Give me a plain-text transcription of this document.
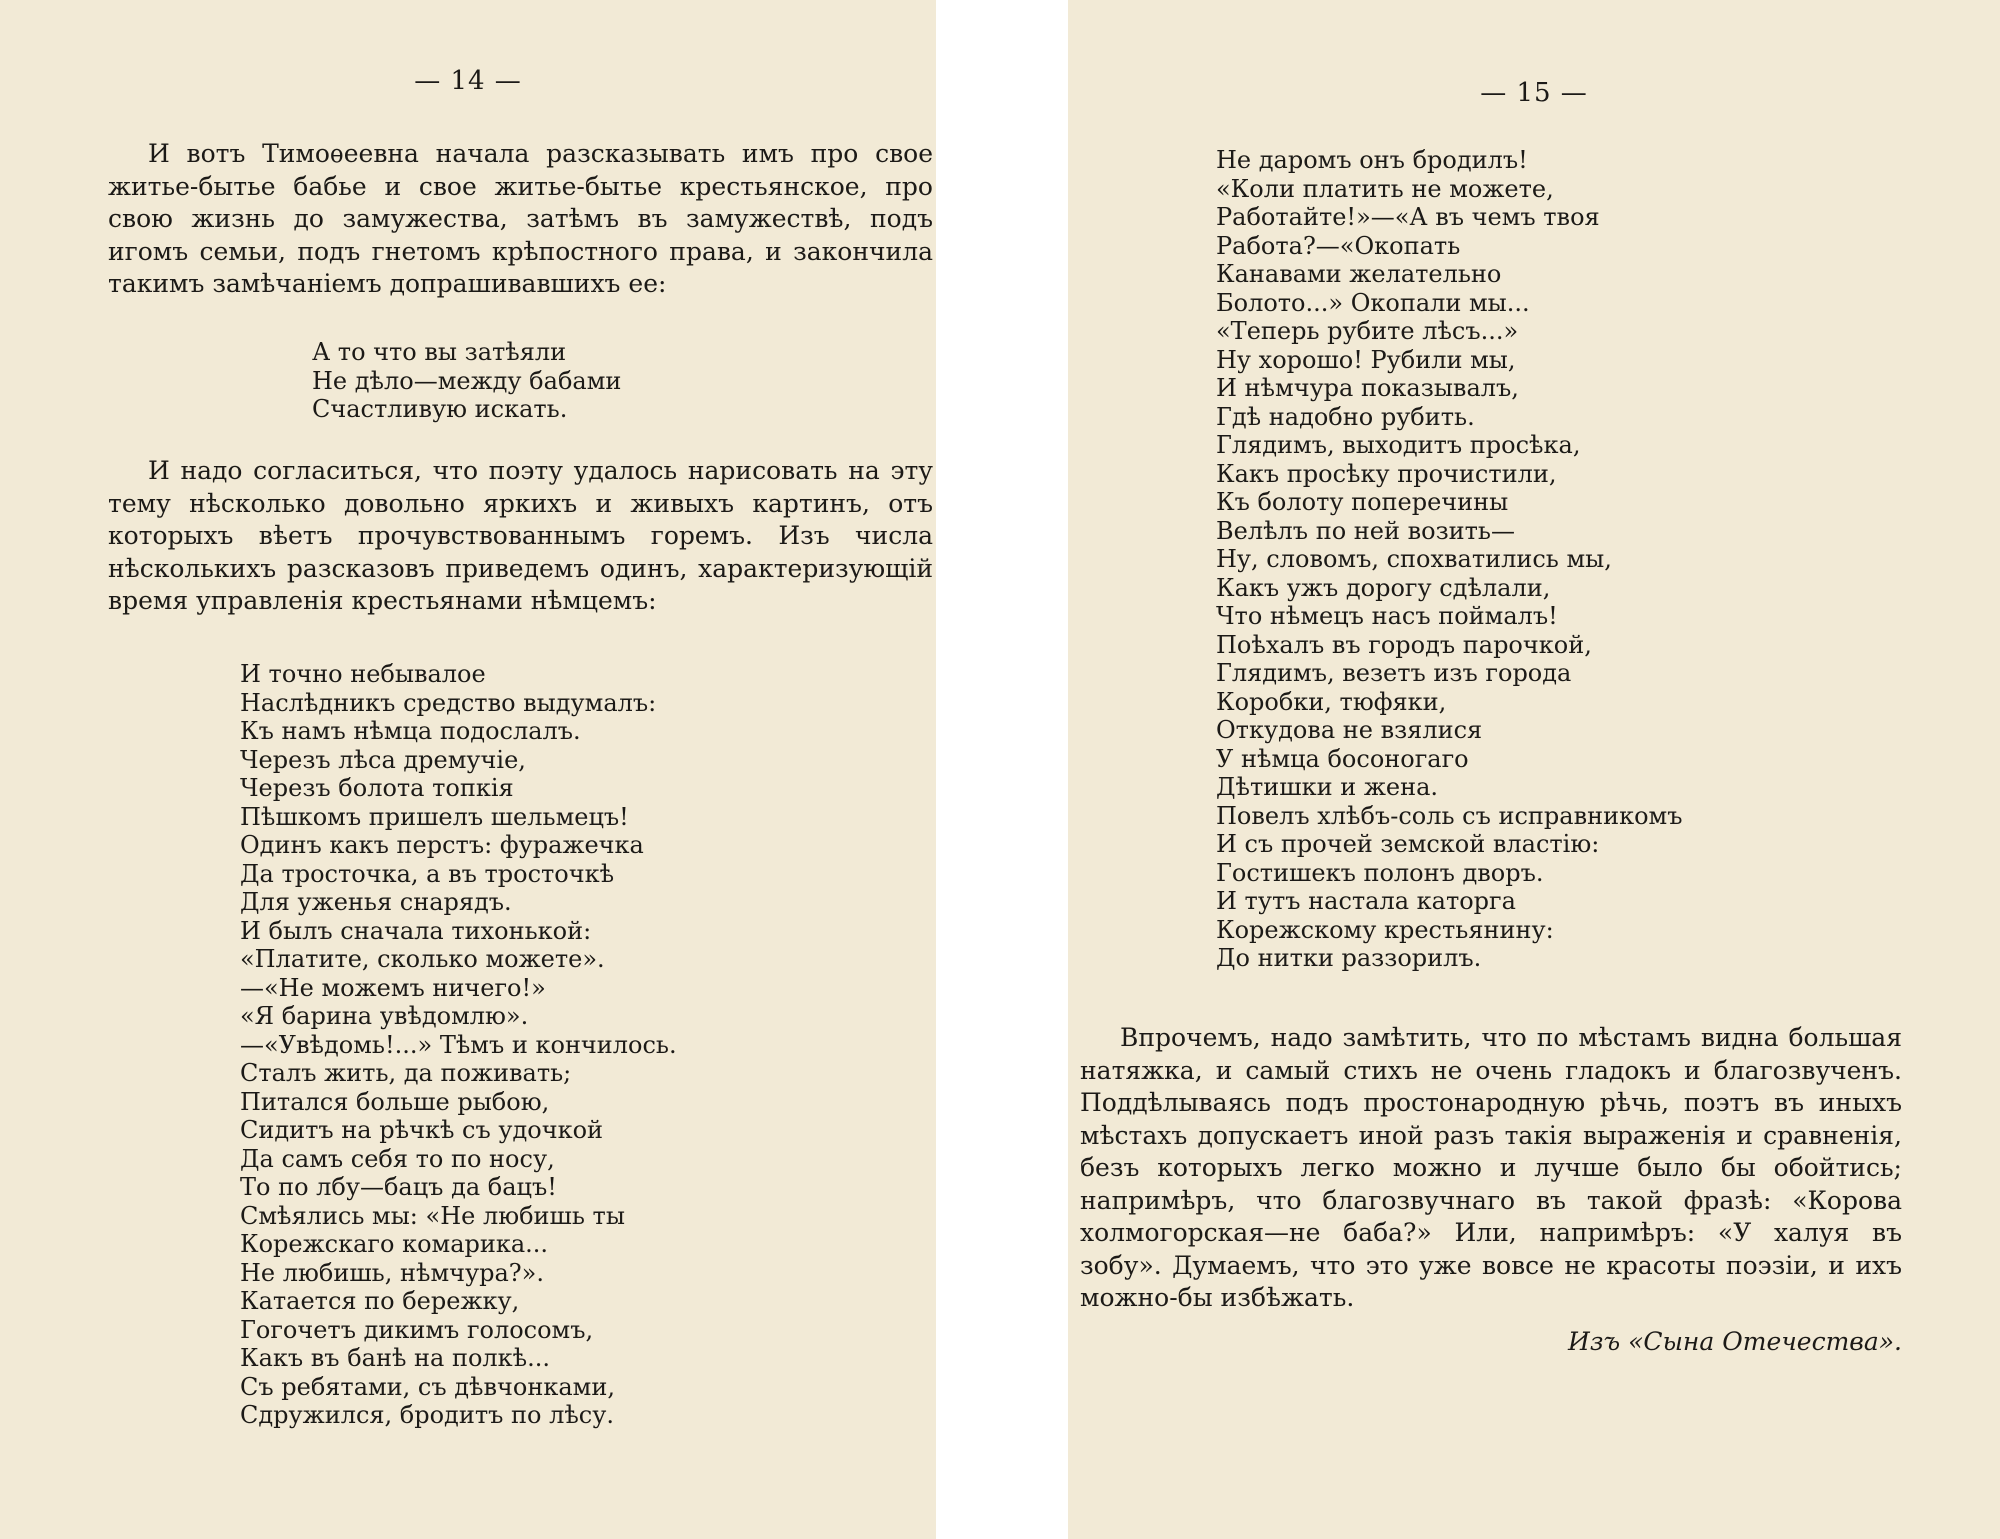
— 14 —

И вотъ Тимоѳеевна начала разсказывать имъ про свое житье-бытье бабье и свое житье-бытье крестьянское, про свою жизнь до замужества, затѣмъ въ замужествѣ, подъ игомъ семьи, подъ гнетомъ крѣпостного права, и закончила такимъ замѣчаніемъ допрашивавшихъ ее:

А то что вы затѣяли
Не дѣло—между бабами
Счастливую искать.

И надо согласиться, что поэту удалось нарисовать на эту тему нѣсколько довольно яркихъ и живыхъ картинъ, отъ которыхъ вѣетъ прочувствованнымъ горемъ. Изъ числа нѣсколькихъ разсказовъ приведемъ одинъ, характеризующій время управленія крестьянами нѣмцемъ:

И точно небывалое
Наслѣдникъ средство выдумалъ:
Къ намъ нѣмца подослалъ.
Черезъ лѣса дремучіе,
Черезъ болота топкія
Пѣшкомъ пришелъ шельмецъ!
Одинъ какъ перстъ: фуражечка
Да тросточка, а въ тросточкѣ
Для уженья снарядъ.
И былъ сначала тихонькой:
«Платите, сколько можете».
—«Не можемъ ничего!»
«Я барина увѣдомлю».
—«Увѣдомь!...» Тѣмъ и кончилось.
Сталъ жить, да поживать;
Питался больше рыбою,
Сидитъ на рѣчкѣ съ удочкой
Да самъ себя то по носу,
То по лбу—бацъ да бацъ!
Смѣялись мы: «Не любишь ты
Корежскаго комарика...
Не любишь, нѣмчура?».
Катается по бережку,
Гогочетъ дикимъ голосомъ,
Какъ въ банѣ на полкѣ...
Съ ребятами, съ дѣвчонками,
Сдружился, бродитъ по лѣсу.
— 15 —
Не даромъ онъ бродилъ!
«Коли платить не можете,
Работайте!»—«А въ чемъ твоя
Работа?—«Окопать
Канавами желательно
Болото...» Окопали мы...
«Теперь рубите лѣсъ...»
Ну хорошо! Рубили мы,
И нѣмчура показывалъ,
Гдѣ надобно рубить.
Глядимъ, выходитъ просѣка,
Какъ просѣку прочистили,
Къ болоту поперечины
Велѣлъ по ней возить—
Ну, словомъ, спохватились мы,
Какъ ужъ дорогу сдѣлали,
Что нѣмецъ насъ поймалъ!
Поѣхалъ въ городъ парочкой,
Глядимъ, везетъ изъ города
Коробки, тюфяки,
Откудова не взялися
У нѣмца босоногаго
Дѣтишки и жена.
Повелъ хлѣбъ-соль съ исправникомъ
И съ прочей земской властію:
Гостишекъ полонъ дворъ.
И тутъ настала каторга
Корежскому крестьянину:
До нитки раззорилъ.

Впрочемъ, надо замѣтить, что по мѣстамъ видна большая натяжка, и самый стихъ не очень гладокъ и благозвученъ. Поддѣлываясь подъ простонародную рѣчь, поэтъ въ иныхъ мѣстахъ допускаетъ иной разъ такія выраженія и сравненія, безъ которыхъ легко можно и лучше было бы обойтись; напримѣръ, что благозвучнаго въ такой фразѣ: «Корова холмогорская—не баба?» Или, напримѣръ: «У халуя въ зобу». Думаемъ, что это уже вовсе не красоты поэзіи, и ихъ можно-бы избѣжать.

Изъ «Сына Отечества».
